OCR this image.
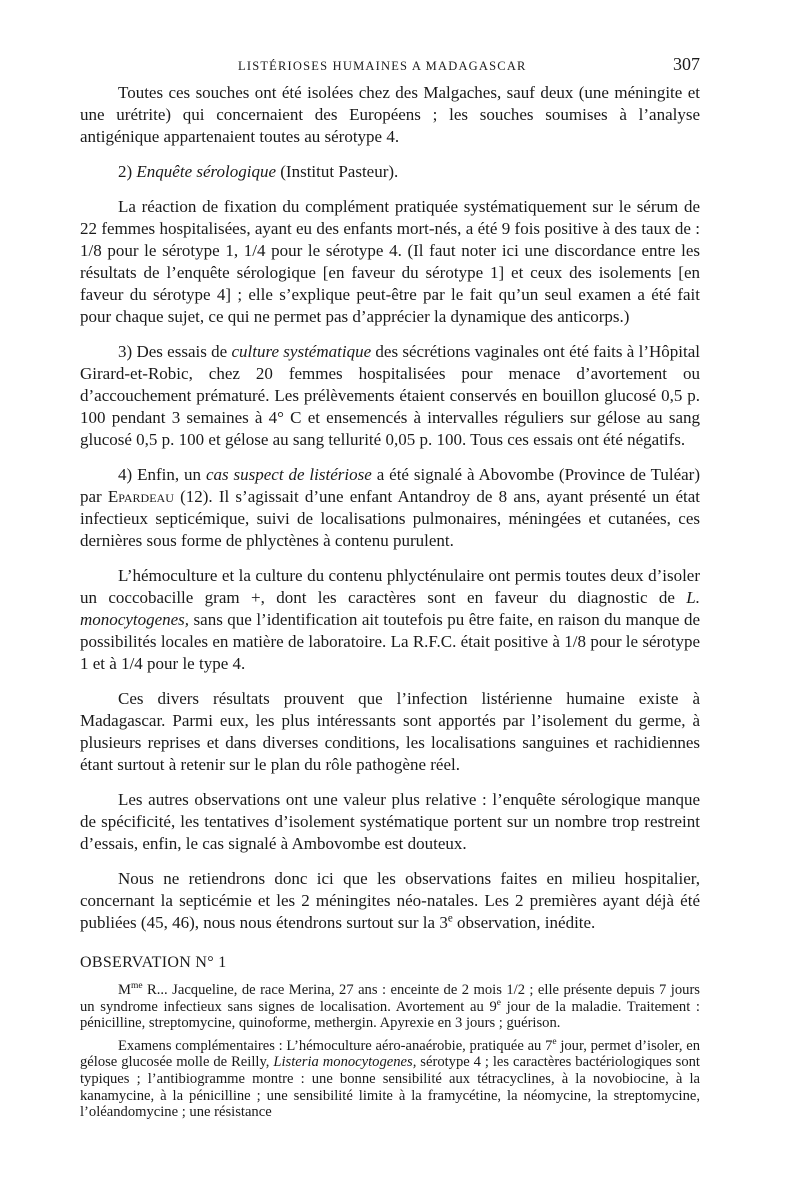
LISTÉRIOSES HUMAINES A MADAGASCAR	307

Toutes ces souches ont été isolées chez des Malgaches, sauf deux (une méningite et une urétrite) qui concernaient des Européens ; les souches soumises à l’analyse antigénique appartenaient toutes au sérotype 4.

2) Enquête sérologique (Institut Pasteur).

La réaction de fixation du complément pratiquée systématiquement sur le sérum de 22 femmes hospitalisées, ayant eu des enfants mort-nés, a été 9 fois positive à des taux de : 1/8 pour le sérotype 1, 1/4 pour le sérotype 4. (Il faut noter ici une discordance entre les résultats de l’enquête sérologique [en faveur du sérotype 1] et ceux des isolements [en faveur du sérotype 4] ; elle s’explique peut-être par le fait qu’un seul examen a été fait pour chaque sujet, ce qui ne permet pas d’apprécier la dynamique des anticorps.)

3) Des essais de culture systématique des sécrétions vaginales ont été faits à l’Hôpital Girard-et-Robic, chez 20 femmes hospitalisées pour menace d’avortement ou d’accouchement prématuré. Les prélèvements étaient conservés en bouillon glucosé 0,5 p. 100 pendant 3 semaines à 4° C et ensemencés à intervalles réguliers sur gélose au sang glucosé 0,5 p. 100 et gélose au sang tellurité 0,05 p. 100. Tous ces essais ont été négatifs.

4) Enfin, un cas suspect de listériose a été signalé à Abovombe (Province de Tuléar) par Epardeau (12). Il s’agissait d’une enfant Antandroy de 8 ans, ayant présenté un état infectieux septicémique, suivi de localisations pulmonaires, méningées et cutanées, ces dernières sous forme de phlyctènes à contenu purulent.

L’hémoculture et la culture du contenu phlycténulaire ont permis toutes deux d’isoler un coccobacille gram +, dont les caractères sont en faveur du diagnostic de L. monocytogenes, sans que l’identification ait toutefois pu être faite, en raison du manque de possibilités locales en matière de laboratoire. La R.F.C. était positive à 1/8 pour le sérotype 1 et à 1/4 pour le type 4.

Ces divers résultats prouvent que l’infection listérienne humaine existe à Madagascar. Parmi eux, les plus intéressants sont apportés par l’isolement du germe, à plusieurs reprises et dans diverses conditions, les localisations sanguines et rachidiennes étant surtout à retenir sur le plan du rôle pathogène réel.

Les autres observations ont une valeur plus relative : l’enquête sérologique manque de spécificité, les tentatives d’isolement systématique portent sur un nombre trop restreint d’essais, enfin, le cas signalé à Ambovombe est douteux.

Nous ne retiendrons donc ici que les observations faites en milieu hospitalier, concernant la septicémie et les 2 méningites néo-natales. Les 2 premières ayant déjà été publiées (45, 46), nous nous étendrons surtout sur la 3e observation, inédite.

OBSERVATION N° 1

$M^{me}$ R... Jacqueline, de race Merina, 27 ans : enceinte de 2 mois 1/2 ; elle présente depuis 7 jours un syndrome infectieux sans signes de localisation. Avortement au 9e jour de la maladie. Traitement : pénicilline, streptomycine, quinoforme, methergin. Apyrexie en 3 jours ; guérison.

Examens complémentaires : L’hémoculture aéro-anaérobie, pratiquée au 7e jour, permet d’isoler, en gélose glucosée molle de Reilly, Listeria monocytogenes, sérotype 4 ; les caractères bactériologiques sont typiques ; l’antibiogramme montre : une bonne sensibilité aux tétracyclines, à la novobiocine, à la kanamycine, à la pénicilline ; une sensibilité limite à la framycétine, la néomycine, la streptomycine, l’oléandomycine ; une résistance
